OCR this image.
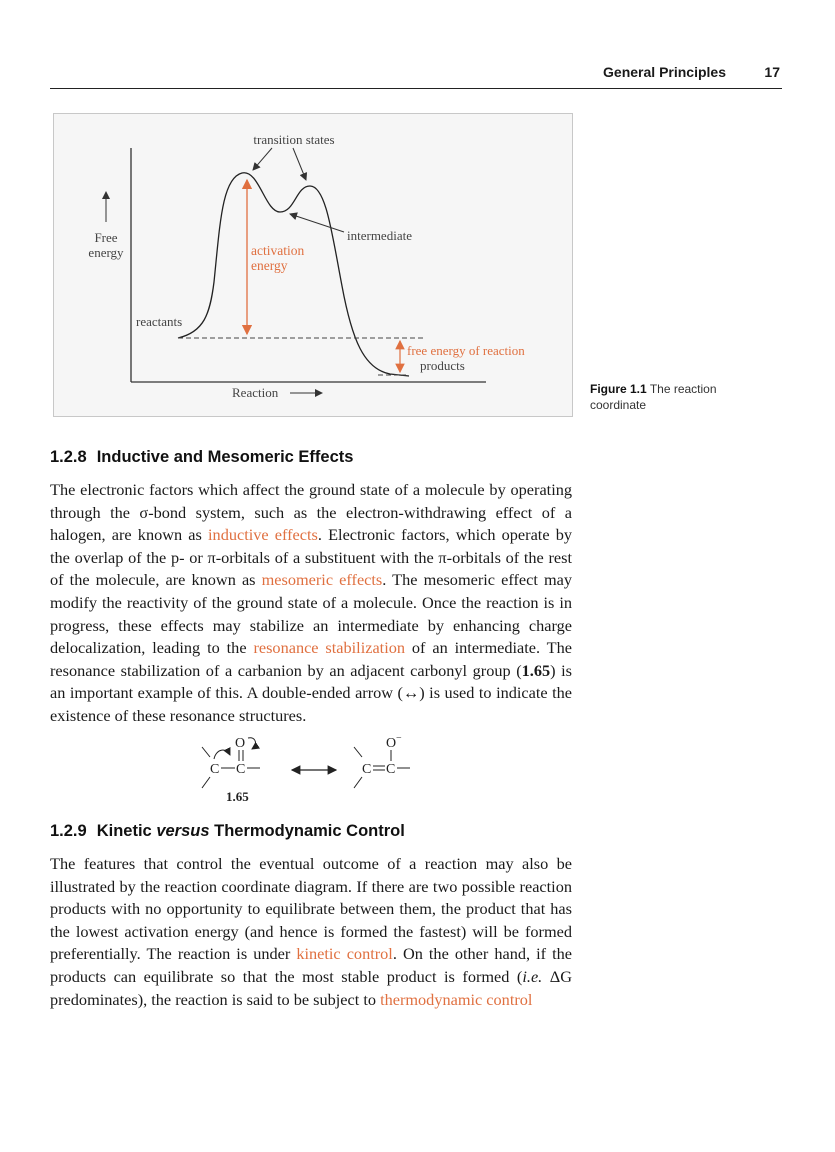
General Principles	17
Free energy
reactants
activation energy
transition states
intermediate
free energy of reaction
products
Reaction	Figure 1.1 The reaction coordinate
1.2.8 Inductive and Mesomeric Effects

The electronic factors which affect the ground state of a molecule by operating through the σ-bond system, such as the electron-withdrawing effect of a halogen, are known as inductive effects. Electronic factors, which operate by the overlap of the p- or π-orbitals of a substituent with the π-orbitals of the rest of the molecule, are known as mesomeric effects. The mesomeric effect may modify the reactivity of the ground state of a molecule. Once the reaction is in progress, these effects may stabilize an intermediate by enhancing charge delocalization, leading to the resonance stabilization of an intermediate. The resonance stabilization of a carbanion by an adjacent carbonyl group (1.65) is an important example of this. A double-ended arrow (↔) is used to indicate the existence of these resonance structures.

C C
O
1.65
C C
O −
1.2.9 Kinetic versus Thermodynamic Control

The features that control the eventual outcome of a reaction may also be illustrated by the reaction coordinate diagram. If there are two possible reaction products with no opportunity to equilibrate between them, the product that has the lowest activation energy (and hence is formed the fastest) will be formed preferentially. The reaction is under kinetic control. On the other hand, if the products can equilibrate so that the most stable product is formed (i.e. ΔG predominates), the reaction is said to be subject to thermodynamic control
